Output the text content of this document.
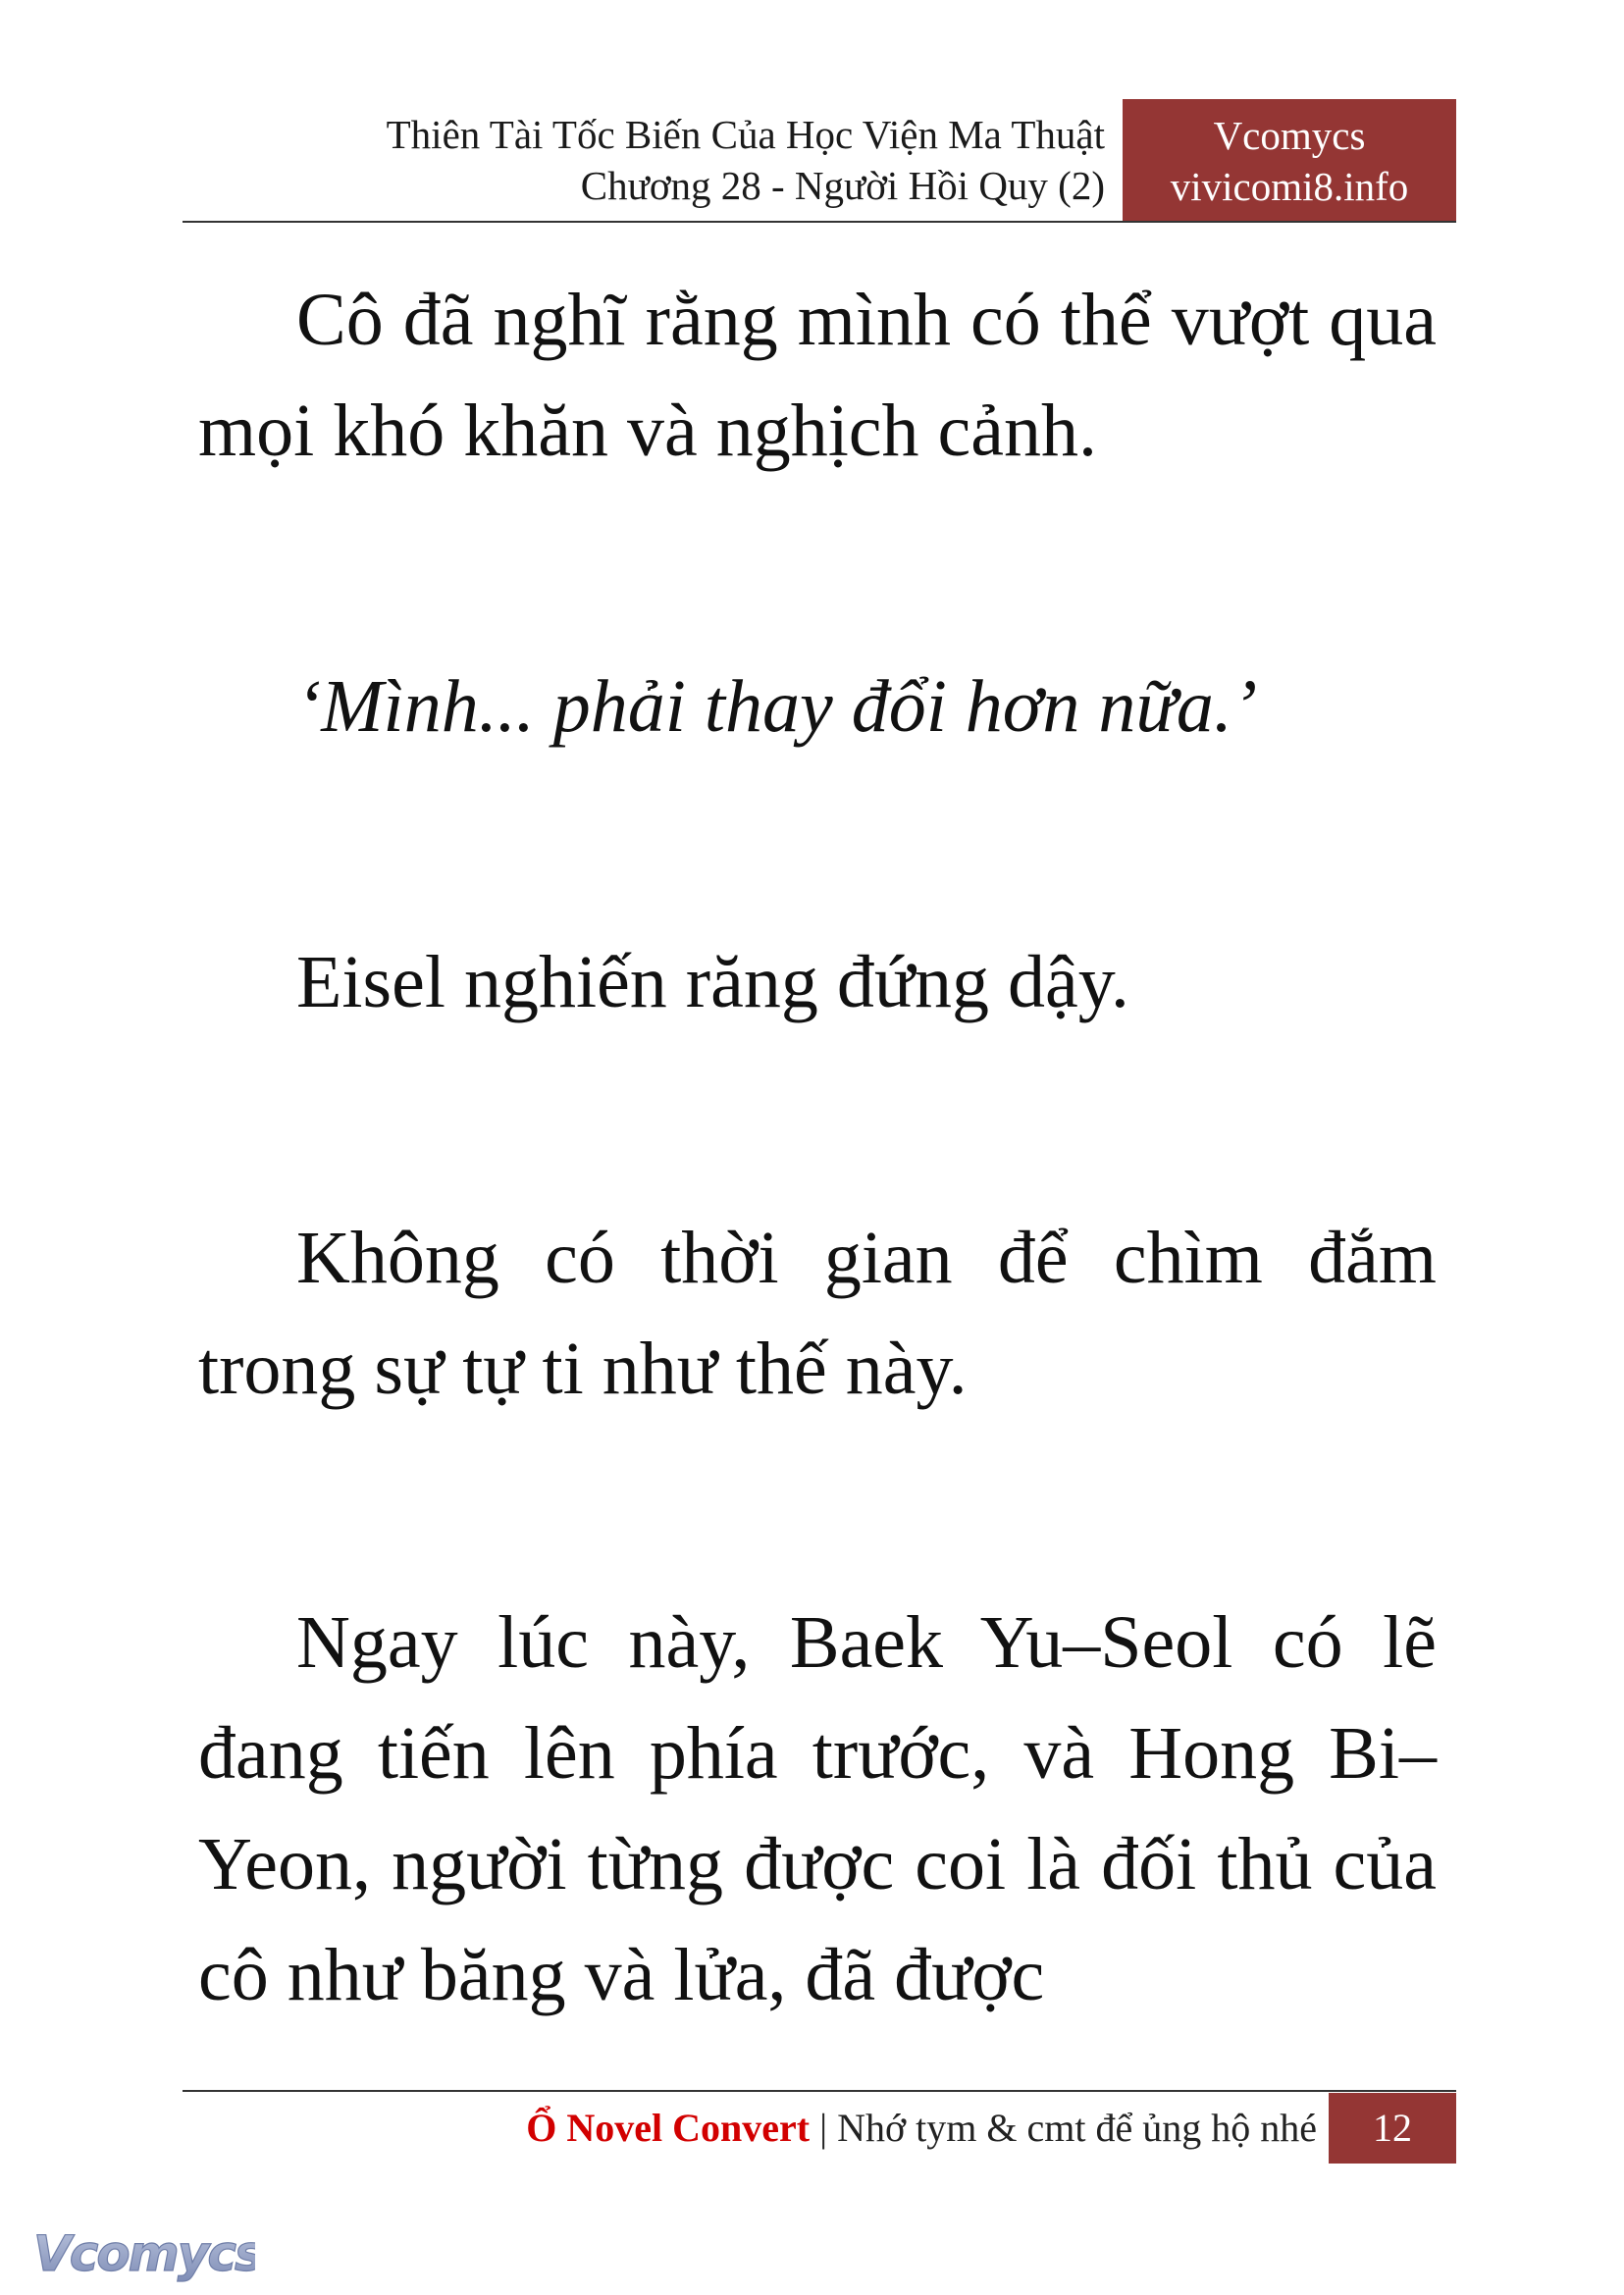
Thiên Tài Tốc Biến Của Học Viện Ma Thuật
Chương 28 - Người Hồi Quy (2)
Vcomycs
vivicomi8.info

Cô đã nghĩ rằng mình có thể vượt qua mọi khó khăn và nghịch cảnh.

‘Mình... phải thay đổi hơn nữa.’

Eisel nghiến răng đứng dậy.

Không có thời gian để chìm đắm trong sự tự ti như thế này.

Ngay lúc này, Baek Yu–Seol có lẽ đang tiến lên phía trước, và Hong Bi–Yeon, người từng được coi là đối thủ của cô như băng và lửa, đã được

Ổ Novel Convert | Nhớ tym & cmt để ủng hộ nhé	12
Vcomycs
